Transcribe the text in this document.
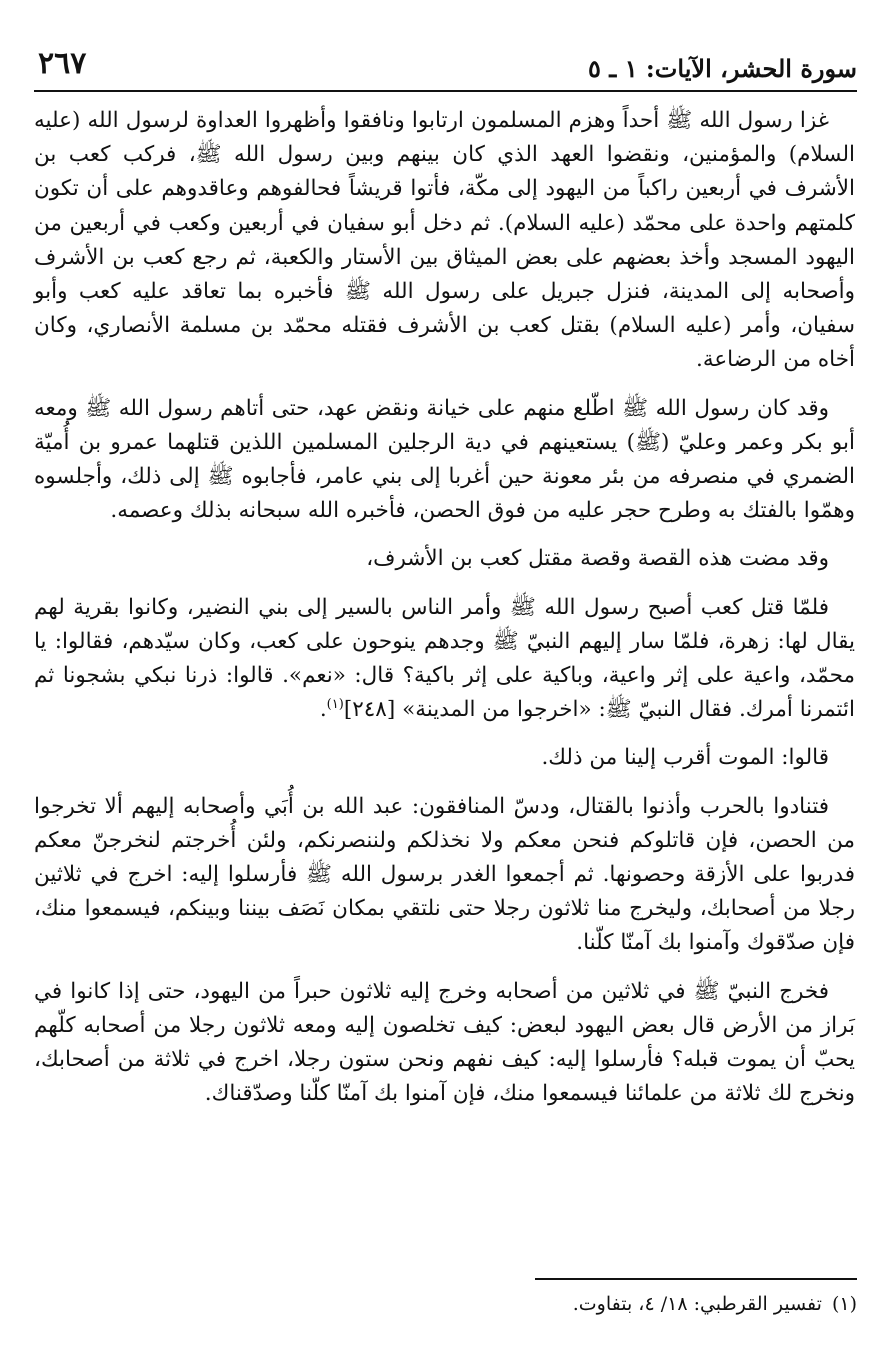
سورة الحشر، الآيات: ١ ـ ٥
٢٦٧

غزا رسول الله ﷺ أحداً وهزم المسلمون ارتابوا ونافقوا وأظهروا العداوة لرسول الله (عليه السلام) والمؤمنين، ونقضوا العهد الذي كان بينهم وبين رسول الله ﷺ، فركب كعب بن الأشرف في أربعين راكباً من اليهود إلى مكّة، فأتوا قريشاً فحالفوهم وعاقدوهم على أن تكون كلمتهم واحدة على محمّد (عليه السلام). ثم دخل أبو سفيان في أربعين وكعب في أربعين من اليهود المسجد وأخذ بعضهم على بعض الميثاق بين الأستار والكعبة، ثم رجع كعب بن الأشرف وأصحابه إلى المدينة، فنزل جبريل على رسول الله ﷺ فأخبره بما تعاقد عليه كعب وأبو سفيان، وأمر (عليه السلام) بقتل كعب بن الأشرف فقتله محمّد بن مسلمة الأنصاري، وكان أخاه من الرضاعة.

وقد كان رسول الله ﷺ اطّلع منهم على خيانة ونقض عهد، حتى أتاهم رسول الله ﷺ ومعه أبو بكر وعمر وعليّ (ﷺ) يستعينهم في دية الرجلين المسلمين اللذين قتلهما عمرو بن أُميّة الضمري في منصرفه من بئر معونة حين أغربا إلى بني عامر، فأجابوه ﷺ إلى ذلك، وأجلسوه وهمّوا بالفتك به وطرح حجر عليه من فوق الحصن، فأخبره الله سبحانه بذلك وعصمه.

وقد مضت هذه القصة وقصة مقتل كعب بن الأشرف،

فلمّا قتل كعب أصبح رسول الله ﷺ وأمر الناس بالسير إلى بني النضير، وكانوا بقرية لهم يقال لها: زهرة، فلمّا سار إليهم النبيّ ﷺ وجدهم ينوحون على كعب، وكان سيّدهم، فقالوا: يا محمّد، واعية على إثر واعية، وباكية على إثر باكية؟ قال: «نعم». قالوا: ذرنا نبكي بشجونا ثم ائتمرنا أمرك. فقال النبيّ ﷺ: «اخرجوا من المدينة» [٢٤٨]$^{(١)}$.

قالوا: الموت أقرب إلينا من ذلك.

فتنادوا بالحرب وأذنوا بالقتال، ودسّ المنافقون: عبد الله بن أُبَي وأصحابه إليهم ألا تخرجوا من الحصن، فإن قاتلوكم فنحن معكم ولا نخذلكم ولننصرنكم، ولئن أُخرجتم لنخرجنّ معكم فدربوا على الأزقة وحصونها. ثم أجمعوا الغدر برسول الله ﷺ فأرسلوا إليه: اخرج في ثلاثين رجلا من أصحابك، وليخرج منا ثلاثون رجلا حتى نلتقي بمكان نَصَف بيننا وبينكم، فيسمعوا منك، فإن صدّقوك وآمنوا بك آمنّا كلّنا.

فخرج النبيّ ﷺ في ثلاثين من أصحابه وخرج إليه ثلاثون حبراً من اليهود، حتى إذا كانوا في بَراز من الأرض قال بعض اليهود لبعض: كيف تخلصون إليه ومعه ثلاثون رجلا من أصحابه كلّهم يحبّ أن يموت قبله؟ فأرسلوا إليه: كيف نفهم ونحن ستون رجلا، اخرج في ثلاثة من أصحابك، ونخرج لك ثلاثة من علمائنا فيسمعوا منك، فإن آمنوا بك آمنّا كلّنا وصدّقناك.

(١)تفسير القرطبي: ١٨/ ٤، بتفاوت.
